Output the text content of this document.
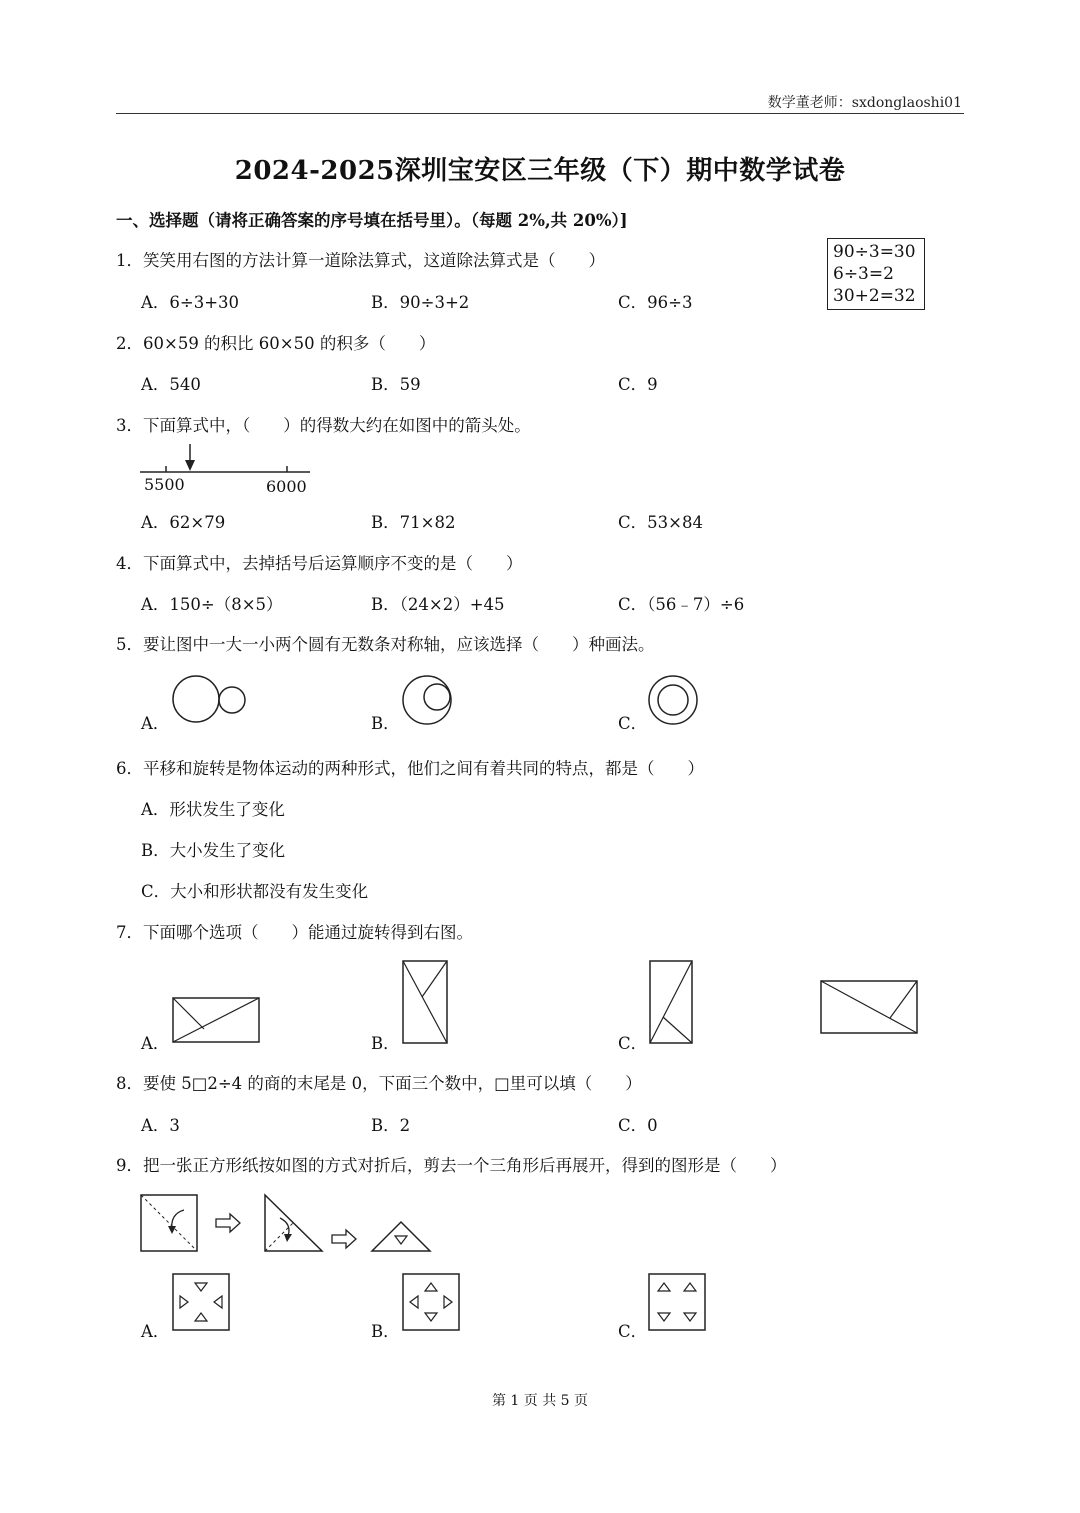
数学董老师：sxdonglaoshi01
2024-2025深圳宝安区三年级（下）期中数学试卷
一、选择题（请将正确答案的序号填在括号里）。（每题 2%,共 20%）]
1．笑笑用右图的方法计算一道除法算式，这道除法算式是（　　）
A．6÷3+30	B．90÷3+2	C．96÷3
90÷3=30
6÷3=2
30+2=32
2．60×59 的积比 60×50 的积多（　　）
A．540	B．59	C．9
3．下面算式中，（　　）的得数大约在如图中的箭头处。
5500	6000
A．62×79	B．71×82	C．53×84
4．下面算式中，去掉括号后运算顺序不变的是（　　）
A．150÷（8×5）	B．（24×2）+45	C．（56﹣7）÷6
5．要让图中一大一小两个圆有无数条对称轴，应该选择（　　）种画法。
A．	B．	C．
6．平移和旋转是物体运动的两种形式，他们之间有着共同的特点，都是（　　）
A．形状发生了变化
B．大小发生了变化
C．大小和形状都没有发生变化
7．下面哪个选项（　　）能通过旋转得到右图。
A．	B．	C．
8．要使 5□2÷4 的商的末尾是 0，下面三个数中，□里可以填（　　）
A．3	B．2	C．0
9．把一张正方形纸按如图的方式对折后，剪去一个三角形后再展开，得到的图形是（　　）
A．	B．	C．
第 1 页 共 5 页
